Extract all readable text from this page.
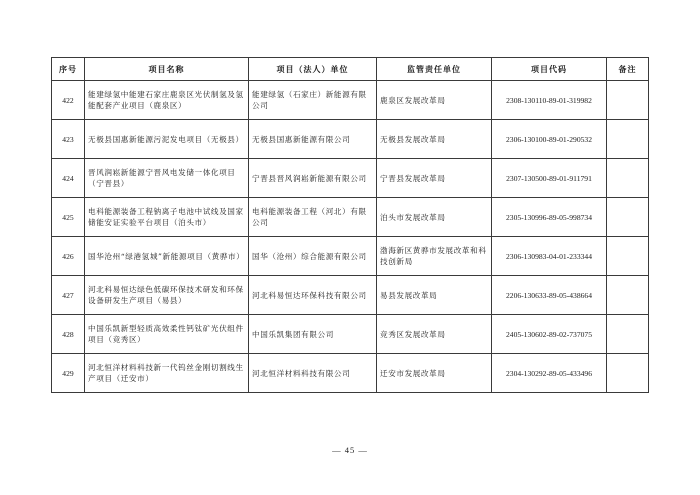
序号	项目名称	项目（法人）单位	监管责任单位	项目代码	备注
422	能建绿氢中能建石家庄鹿泉区光伏制氢及氢能配套产业项目（鹿泉区）	能建绿氢（石家庄）新能源有限公司	鹿泉区发展改革局	2308-130110-89-01-319982	
423	无极县国惠新能源污泥发电项目（无极县）	无极县国惠新能源有限公司	无极县发展改革局	2306-130100-89-01-290532	
424	晋风润崧新能源宁晋风电发储一体化项目（宁晋县）	宁晋县晋风润崧新能源有限公司	宁晋县发展改革局	2307-130500-89-01-911791	
425	电科能源装备工程钠离子电池中试线及国家储能安证实验平台项目（泊头市）	电科能源装备工程（河北）有限公司	泊头市发展改革局	2305-130996-89-05-998734	
426	国华沧州“绿港氢城”新能源项目（黄骅市）	国华（沧州）综合能源有限公司	渤海新区黄骅市发展改革和科技创新局	2306-130983-04-01-233344	
427	河北科易恒达绿色低碳环保技术研发和环保设备研发生产项目（易县）	河北科易恒达环保科技有限公司	易县发展改革局	2206-130633-89-05-438664	
428	中国乐凯新型轻质高效柔性钙钛矿光伏组件项目（竞秀区）	中国乐凯集团有限公司	竞秀区发展改革局	2405-130602-89-02-737075	
429	河北恒洋材料科技新一代钨丝金刚切割线生产项目（迁安市）	河北恒洋材料科技有限公司	迁安市发展改革局	2304-130292-89-05-433496	
— 45 —
